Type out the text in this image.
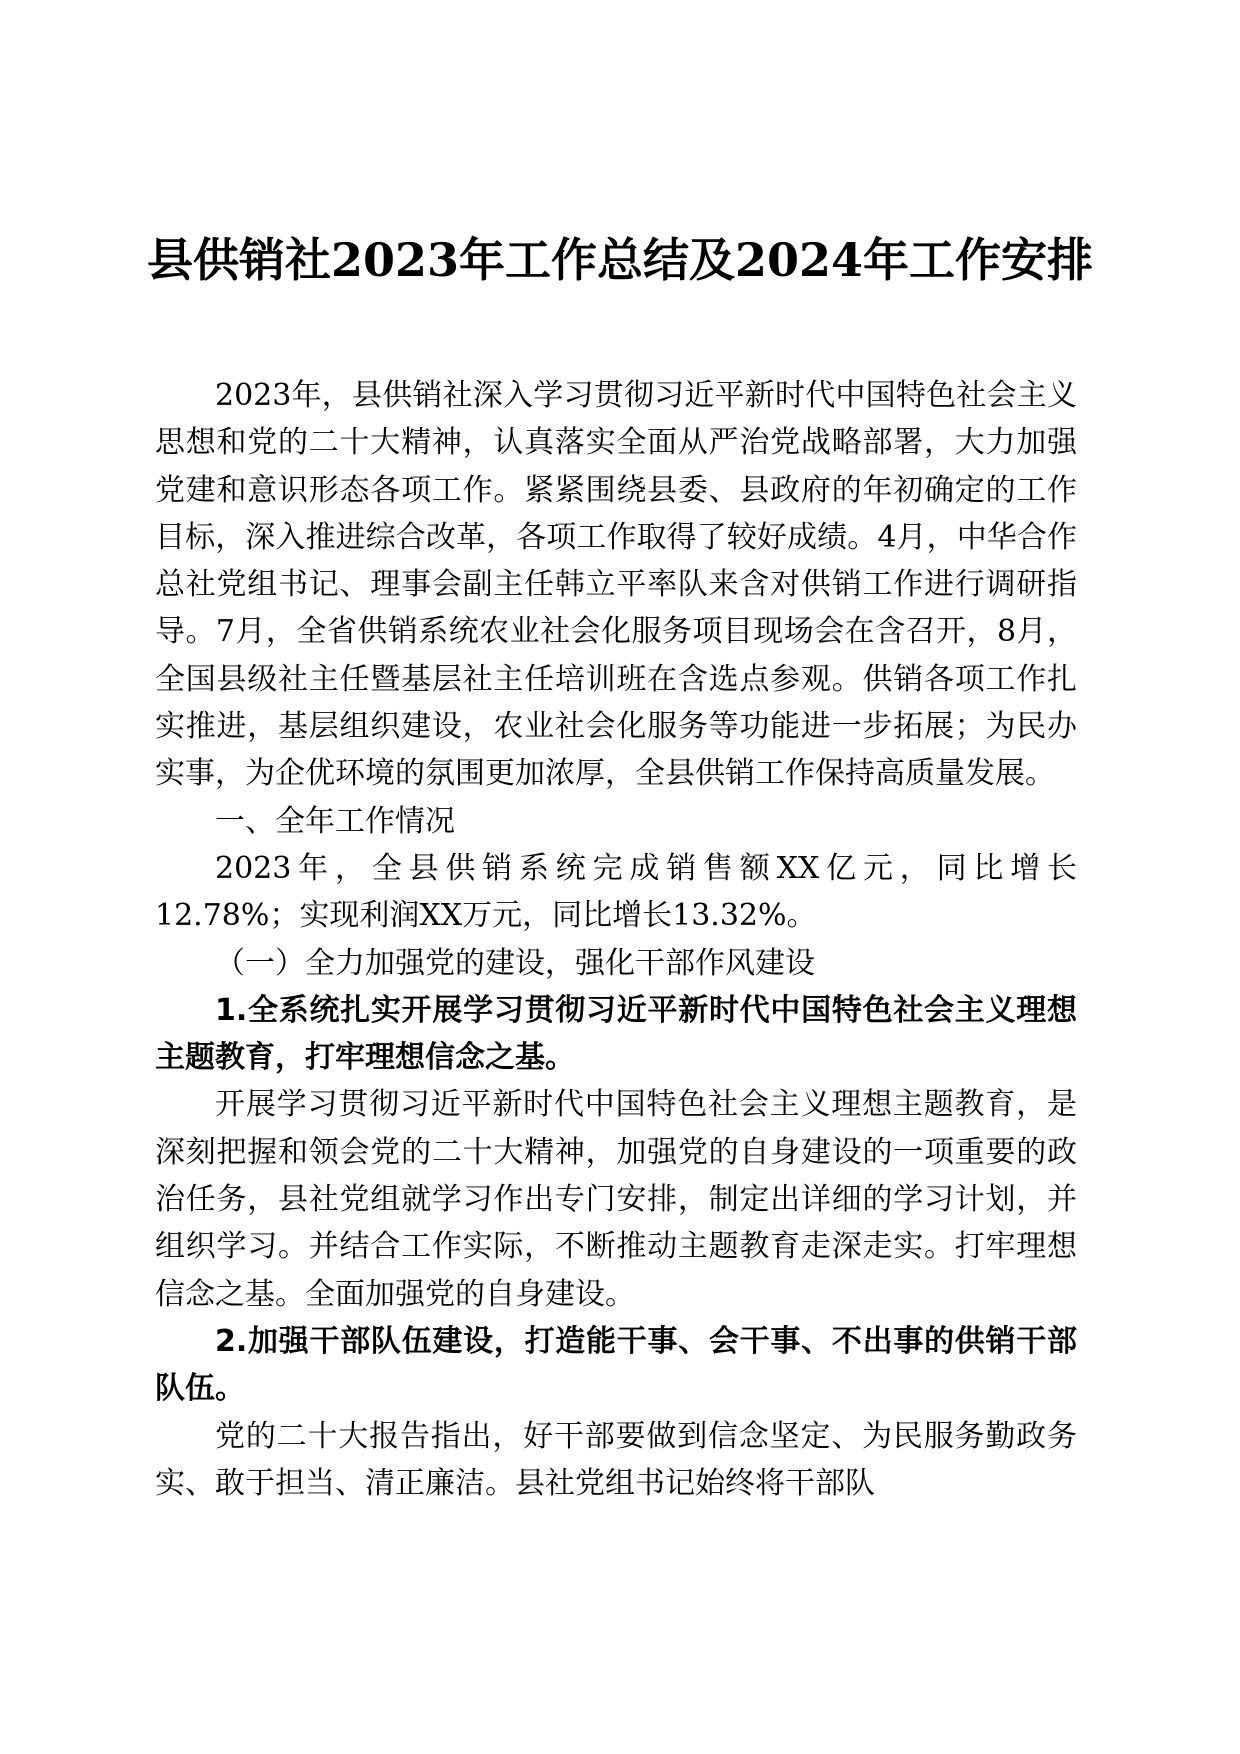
县供销社2023年工作总结及2024年工作安排

2023年，县供销社深入学习贯彻习近平新时代中国特色社会主义思想和党的二十大精神，认真落实全面从严治党战略部署，大力加强党建和意识形态各项工作。紧紧围绕县委、县政府的年初确定的工作目标，深入推进综合改革，各项工作取得了较好成绩。4月，中华合作总社党组书记、理事会副主任韩立平率队来含对供销工作进行调研指导。7月，全省供销系统农业社会化服务项目现场会在含召开，8月，全国县级社主任暨基层社主任培训班在含选点参观。供销各项工作扎实推进，基层组织建设，农业社会化服务等功能进一步拓展；为民办实事，为企优环境的氛围更加浓厚，全县供销工作保持高质量发展。

一、全年工作情况

2023年，全县供销系统完成销售额XX亿元，同比增长12.78%；实现利润XX万元，同比增长13.32%。

（一）全力加强党的建设，强化干部作风建设

1.全系统扎实开展学习贯彻习近平新时代中国特色社会主义理想主题教育，打牢理想信念之基。

开展学习贯彻习近平新时代中国特色社会主义理想主题教育，是深刻把握和领会党的二十大精神，加强党的自身建设的一项重要的政治任务，县社党组就学习作出专门安排，制定出详细的学习计划，并组织学习。并结合工作实际，不断推动主题教育走深走实。打牢理想信念之基。全面加强党的自身建设。

2.加强干部队伍建设，打造能干事、会干事、不出事的供销干部队伍。

党的二十大报告指出，好干部要做到信念坚定、为民服务勤政务实、敢于担当、清正廉洁。县社党组书记始终将干部队
